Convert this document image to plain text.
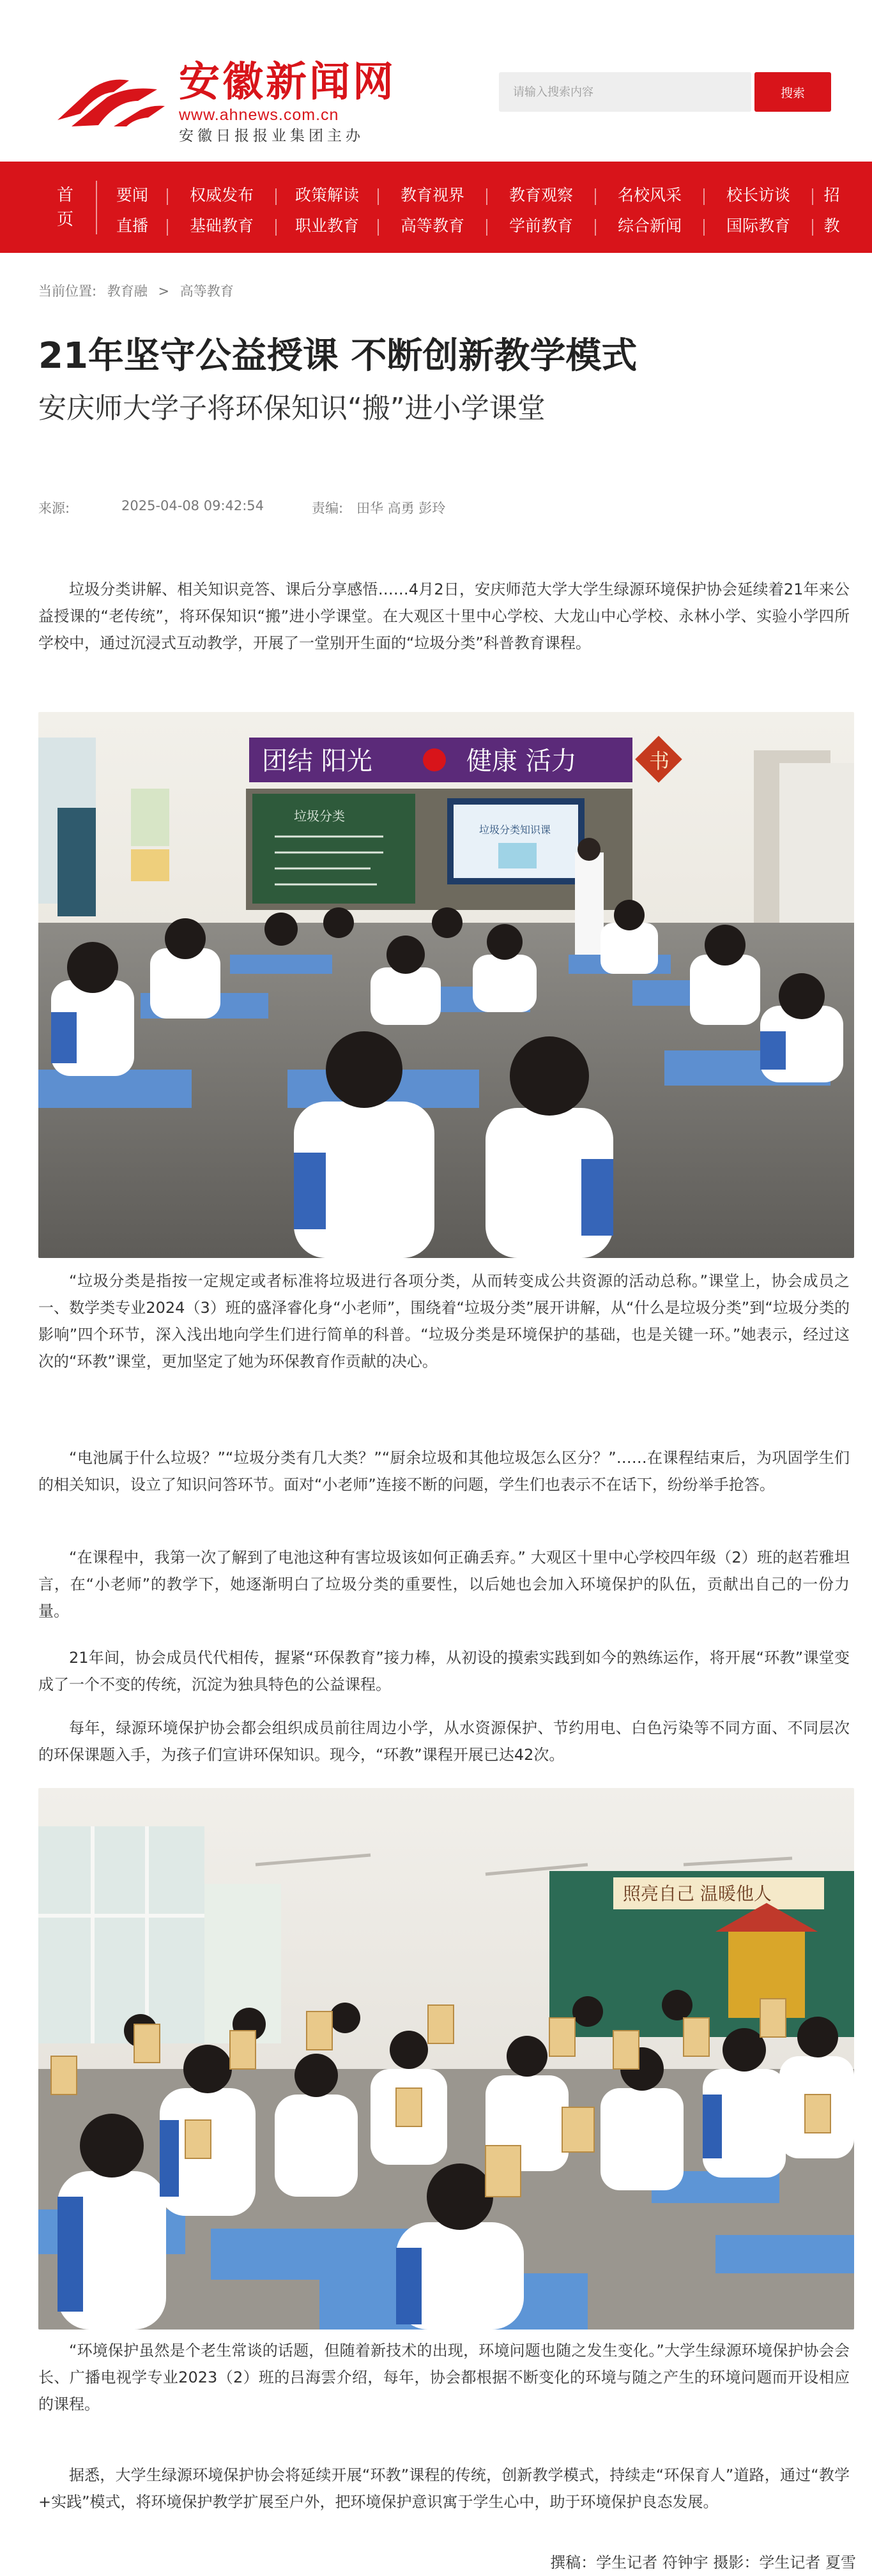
安徽新闻网
www.ahnews.com.cn
安徽日报报业集团主办
请输入搜索内容
搜索
首页
要闻	权威发布	政策解读	教育视界	教育观察	名校风采	校长访谈	招
直播	基础教育	职业教育	高等教育	学前教育	综合新闻	国际教育	教
当前位置: 教育融 > 高等教育
21年坚守公益授课 不断创新教学模式
安庆师大学子将环保知识“搬”进小学课堂
来源:	2025-04-08 09:42:54	责编: 田华 高勇 彭玲

垃圾分类讲解、相关知识竞答、课后分享感悟……4月2日，安庆师范大学大学生绿源环境保护协会延续着21年来公益授课的“老传统”，将环保知识“搬”进小学课堂。在大观区十里中心学校、大龙山中心学校、永林小学、实验小学四所学校中，通过沉浸式互动教学，开展了一堂别开生面的“垃圾分类”科普教育课程。

团结 阳光	健康 活力	书
垃圾分类
垃圾分类知识课

“垃圾分类是指按一定规定或者标准将垃圾进行各项分类，从而转变成公共资源的活动总称。”课堂上，协会成员之一、数学类专业2024（3）班的盛泽睿化身“小老师”，围绕着“垃圾分类”展开讲解，从“什么是垃圾分类”到“垃圾分类的影响”四个环节，深入浅出地向学生们进行简单的科普。“垃圾分类是环境保护的基础，也是关键一环。”她表示，经过这次的“环教”课堂，更加坚定了她为环保教育作贡献的决心。

“电池属于什么垃圾？”“垃圾分类有几大类？”“厨余垃圾和其他垃圾怎么区分？”……在课程结束后，为巩固学生们的相关知识，设立了知识问答环节。面对“小老师”连接不断的问题，学生们也表示不在话下，纷纷举手抢答。

“在课程中，我第一次了解到了电池这种有害垃圾该如何正确丢弃。” 大观区十里中心学校四年级（2）班的赵若雅坦言，在“小老师”的教学下，她逐渐明白了垃圾分类的重要性，以后她也会加入环境保护的队伍，贡献出自己的一份力量。

21年间，协会成员代代相传，握紧“环保教育”接力棒，从初设的摸索实践到如今的熟练运作，将开展“环教”课堂变成了一个不变的传统，沉淀为独具特色的公益课程。

每年，绿源环境保护协会都会组织成员前往周边小学，从水资源保护、节约用电、白色污染等不同方面、不同层次的环保课题入手，为孩子们宣讲环保知识。现今，“环教”课程开展已达42次。

照亮自己 温暖他人

“环境保护虽然是个老生常谈的话题，但随着新技术的出现，环境问题也随之发生变化。”大学生绿源环境保护协会会长、广播电视学专业2023（2）班的吕海雲介绍，每年，协会都根据不断变化的环境与随之产生的环境问题而开设相应的课程。

据悉，大学生绿源环境保护协会将延续开展“环教”课程的传统，创新教学模式，持续走“环保育人”道路，通过“教学+实践”模式，将环境保护教学扩展至户外，把环境保护意识寓于学生心中，助于环境保护良态发展。

撰稿：学生记者 符钟宇 摄影：学生记者 夏雪
